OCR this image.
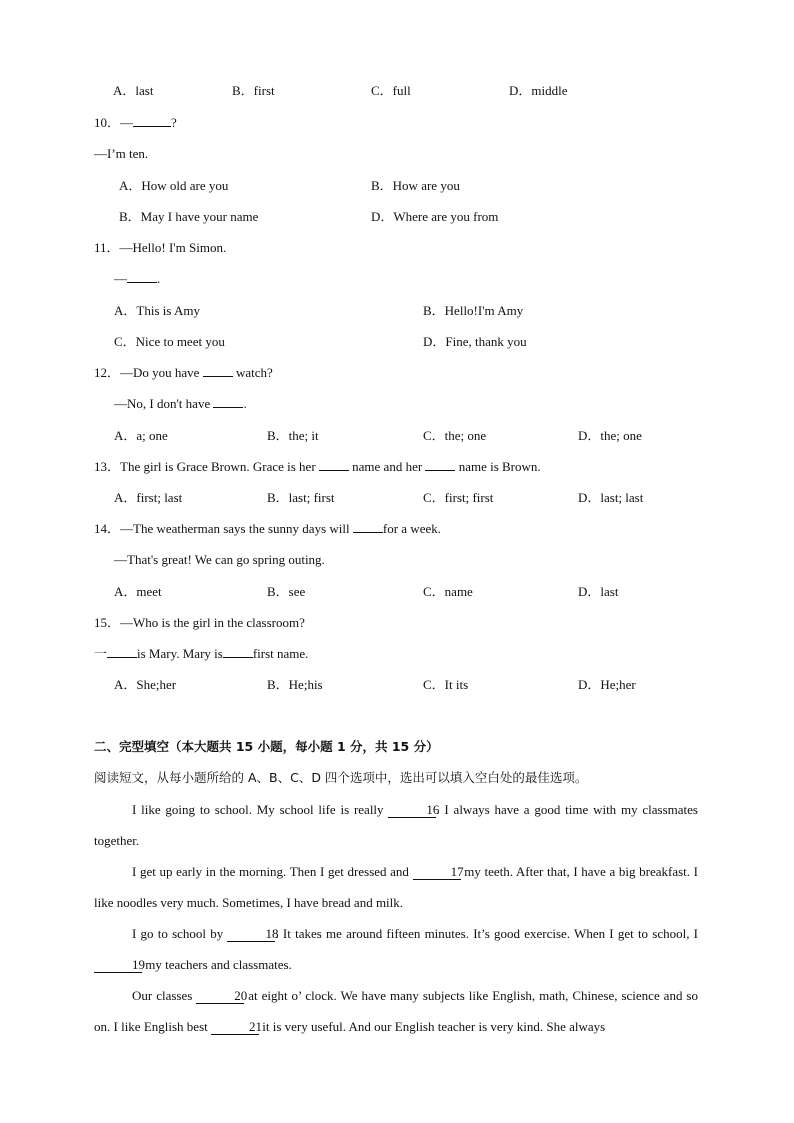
A．last	B．first	C．full	D．middle
10．—	?
—I’m ten.
A．How old are you	B．How are you
B．May I have your name	D．Where are you from
11．—Hello! I'm Simon.
— .
A．This is Amy	B．Hello!I'm Amy
C．Nice to meet you	D．Fine, thank you
12．—Do you have  watch?
—No, I don't have .
A．a; one	B．the; it	C．the; one	D．the; one
13．The girl is Grace Brown. Grace is her  name and her  name is Brown.
A．first; last	B．last; first	C．first; first	D．last; last
14．—The weatherman says the sunny days will for a week.
—That's great! We can go spring outing.
A．meet	B．see	C．name	D．last
15．—Who is the girl in the classroom?
一 is Mary. Mary is first name.
A．She;her	B．He;his	C．It its	D．He;her
二、完型填空（本大题共 15 小题，每小题 1 分，共 15 分）
阅读短文，从每小题所给的 A、B、C、D 四个选项中，选出可以填入空白处的最佳选项。

I like going to school. My school life is really	16. I always have a good time with my classmates together.

I get up early in the morning. Then I get dressed and	17 my teeth. After that, I have a big breakfast. I like noodles very much. Sometimes, I have bread and milk.

I go to school by	18. It takes me around fifteen minutes. It’s good exercise. When I get to school, I 19 my teachers and classmates.

Our classes	20 at eight o’ clock. We have many subjects like English, math, Chinese, science and so on. I like English best	21 it is very useful. And our English teacher is very kind. She always
